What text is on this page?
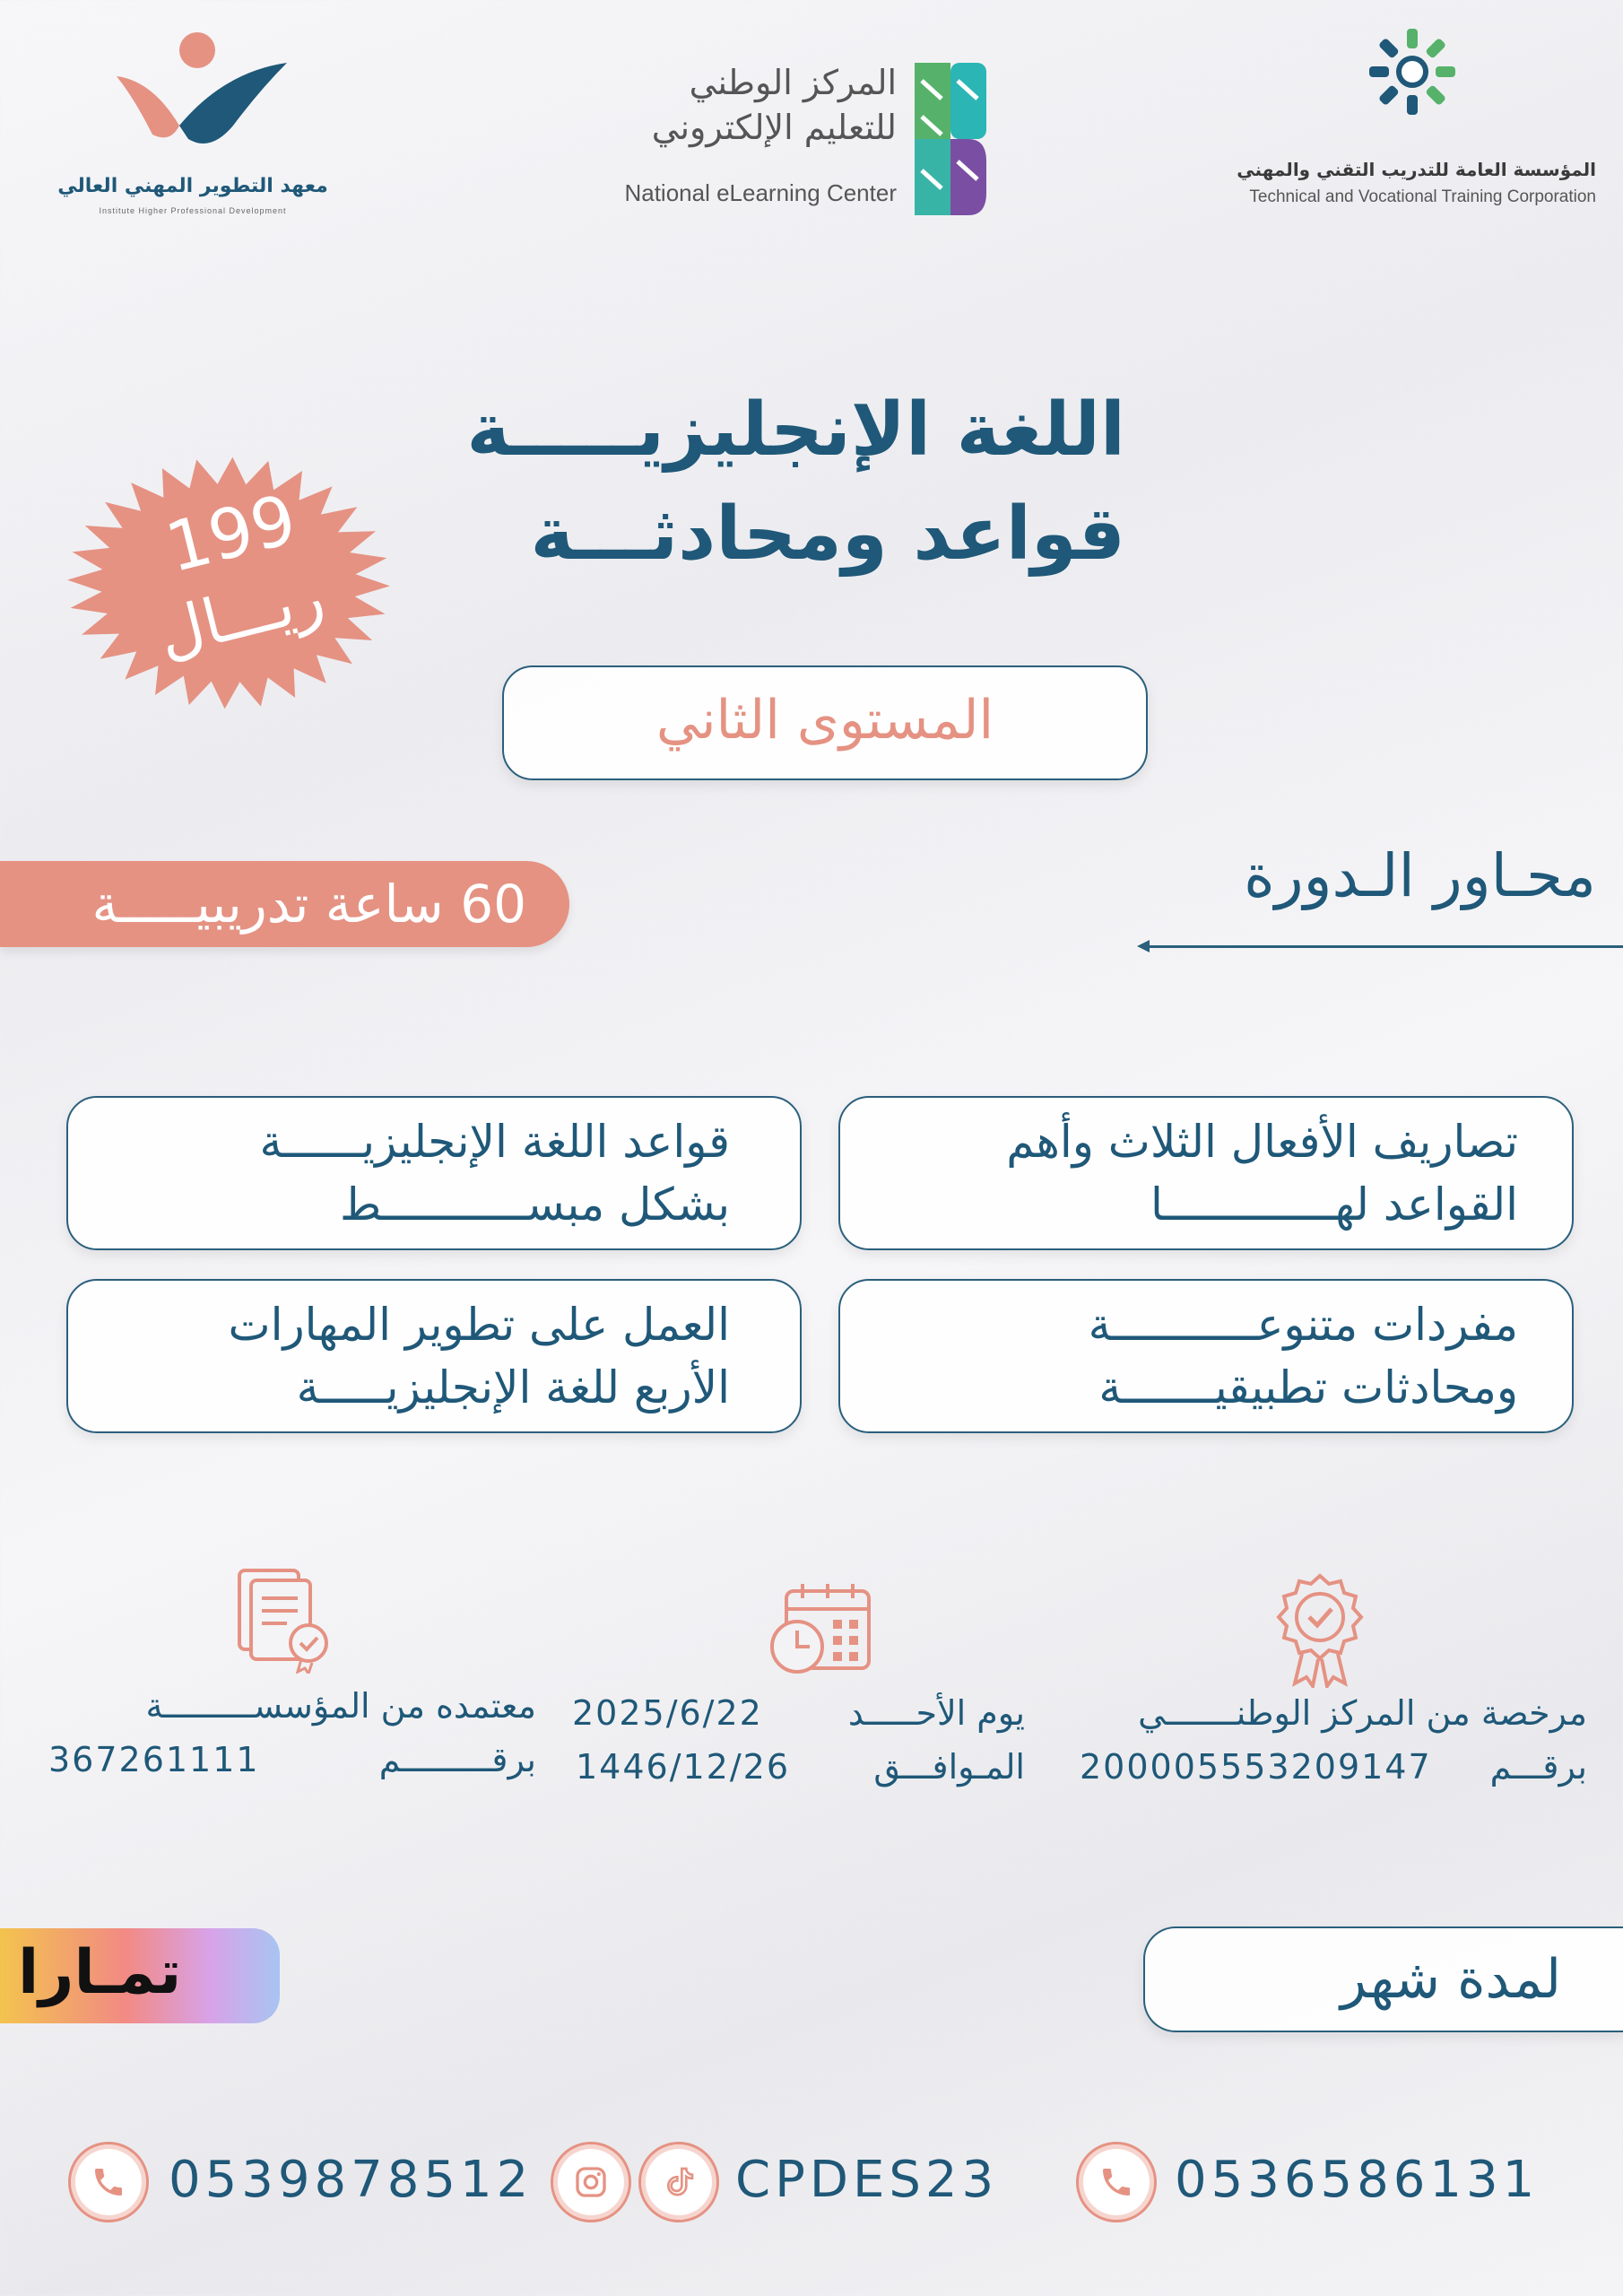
معهد التطوير المهني العالي
Institute Higher Professional Development
المركز الوطني
للتعليم الإلكتروني
National eLearning Center
المؤسسة العامة للتدريب التقني والمهني
Technical and Vocational Training Corporation
اللغة الإنجليزيـــــة
قواعد ومحادثـــة
199
ريـــال
المستوى الثاني
60 ساعة تدريبيـــــة	محـاور الـدورة
تصاريف الأفعال الثلاث وأهم
القواعد لهـــــــــــــا
قواعد اللغة الإنجليزيــــــة
بشكل مبســـــــــــط
مفردات متنوعـــــــــــة
ومحادثات تطبيقيـــــــة
العمل على تطوير المهارات
الأربع للغة الإنجليزيـــــة
مرخصة من المركز الوطنـــــــي
برقـــم
200005553209147
يوم الأحـــــد
2025/6/22
المـوافـــق
1446/12/26
معتمده من المؤسســـــــــة
برقـــــــــم
367261111
لمدة شهر
تمـارا
0536586131
CPDES23
0539878512
